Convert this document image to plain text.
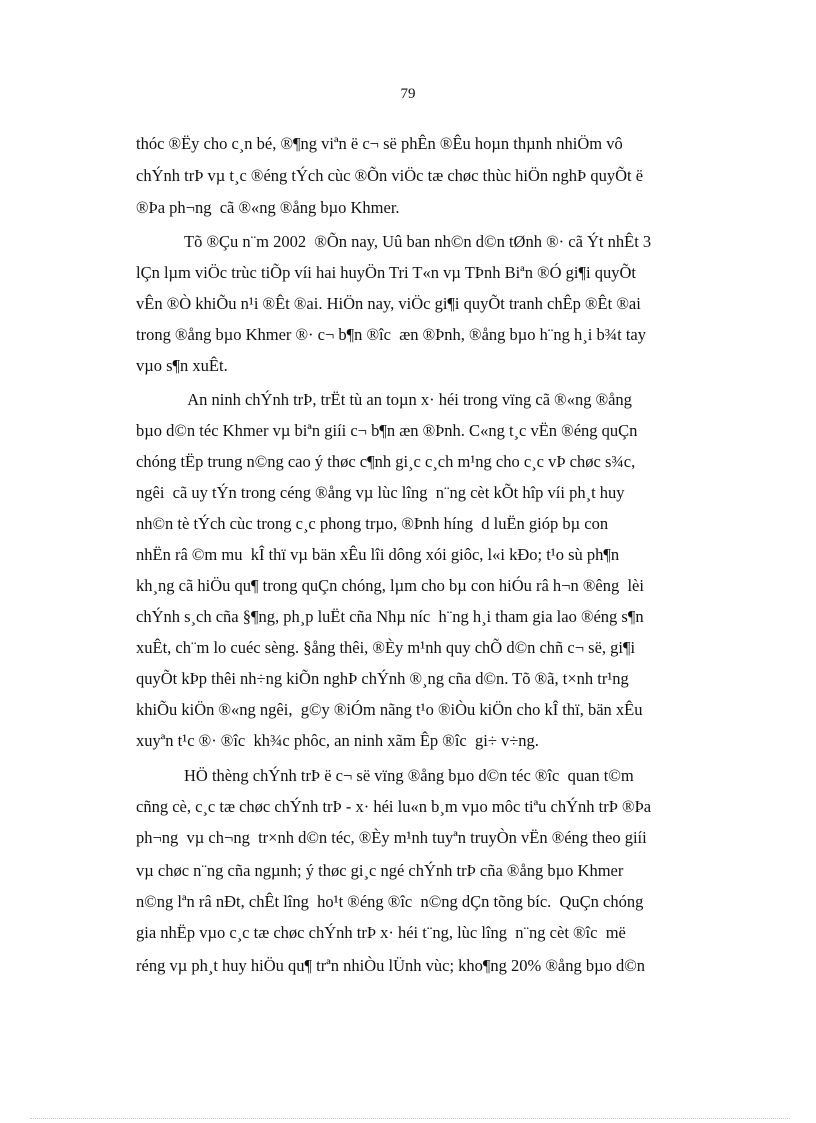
79
thóc ®Ëy cho c¸n bé, ®¶ng viªn ë c¬ së phÊn ®Êu hoµn thµnh nhiÖm vô
chÝnh trÞ vµ t¸c ®éng tÝch cùc ®Õn viÖc tæ chøc thùc hiÖn nghÞ quyÕt ë
®Þa ph¬ng  cã ®«ng ®ång bµo Khmer.
Tõ ®Çu n¨m 2002  ®Õn nay, Uû ban nh©n d©n tØnh ®· cã Ýt nhÊt 3
lÇn lµm viÖc trùc tiÕp víi hai huyÖn Tri T«n vµ TÞnh Biªn ®Ó gi¶i quyÕt
vÊn ®Ò khiÕu n¹i ®Êt ®ai. HiÖn nay, viÖc gi¶i quyÕt tranh chÊp ®Êt ®ai
trong ®ång bµo Khmer ®· c¬ b¶n ®îc  æn ®Þnh, ®ång bµo h¨ng h¸i b¾t tay
vµo s¶n xuÊt.
An ninh chÝnh trÞ, trËt tù an toµn x· héi trong vïng cã ®«ng ®ång
bµo d©n téc Khmer vµ biªn giíi c¬ b¶n æn ®Þnh. C«ng t¸c vËn ®éng quÇn
chóng tËp trung n©ng cao ý thøc c¶nh gi¸c c¸ch m¹ng cho c¸c vÞ chøc s¾c,
ngêi  cã uy tÝn trong céng ®ång vµ lùc lîng  n¨ng cèt kÕt hîp víi ph¸t huy
nh©n tè tÝch cùc trong c¸c phong trµo, ®Þnh híng  d luËn gióp bµ con
nhËn râ ©m mu  kÎ thï vµ bän xÊu lîi dông xói giôc, l«i kÐo; t¹o sù ph¶n
kh¸ng cã hiÖu qu¶ trong quÇn chóng, lµm cho bµ con hiÓu râ h¬n ®êng  lèi
chÝnh s¸ch cña §¶ng, ph¸p luËt cña Nhµ níc  h¨ng h¸i tham gia lao ®éng s¶n
xuÊt, ch¨m lo cuéc sèng. §ång thêi, ®Èy m¹nh quy chÕ d©n chñ c¬ së, gi¶i
quyÕt kÞp thêi nh÷ng kiÕn nghÞ chÝnh ®¸ng cña d©n. Tõ ®ã, t×nh tr¹ng
khiÕu kiÖn ®«ng ngêi,  g©y ®iÓm nãng t¹o ®iÒu kiÖn cho kÎ thï, bän xÊu
xuyªn t¹c ®· ®îc  kh¾c phôc, an ninh xãm Êp ®îc  gi÷ v÷ng.
HÖ thèng chÝnh trÞ ë c¬ së vïng ®ång bµo d©n téc ®îc  quan t©m
cñng cè, c¸c tæ chøc chÝnh trÞ - x· héi lu«n b¸m vµo môc tiªu chÝnh trÞ ®Þa
ph¬ng  vµ ch¬ng  tr×nh d©n téc, ®Èy m¹nh tuyªn truyÒn vËn ®éng theo giíi
vµ chøc n¨ng cña ngµnh; ý thøc gi¸c ngé chÝnh trÞ cña ®ång bµo Khmer
n©ng lªn râ nÐt, chÊt lîng  ho¹t ®éng ®îc  n©ng dÇn tõng bíc.  QuÇn chóng
gia nhËp vµo c¸c tæ chøc chÝnh trÞ x· héi t¨ng, lùc lîng  n¨ng cèt ®îc  më
réng vµ ph¸t huy hiÖu qu¶ trªn nhiÒu lÜnh vùc; kho¶ng 20% ®ång bµo d©n
